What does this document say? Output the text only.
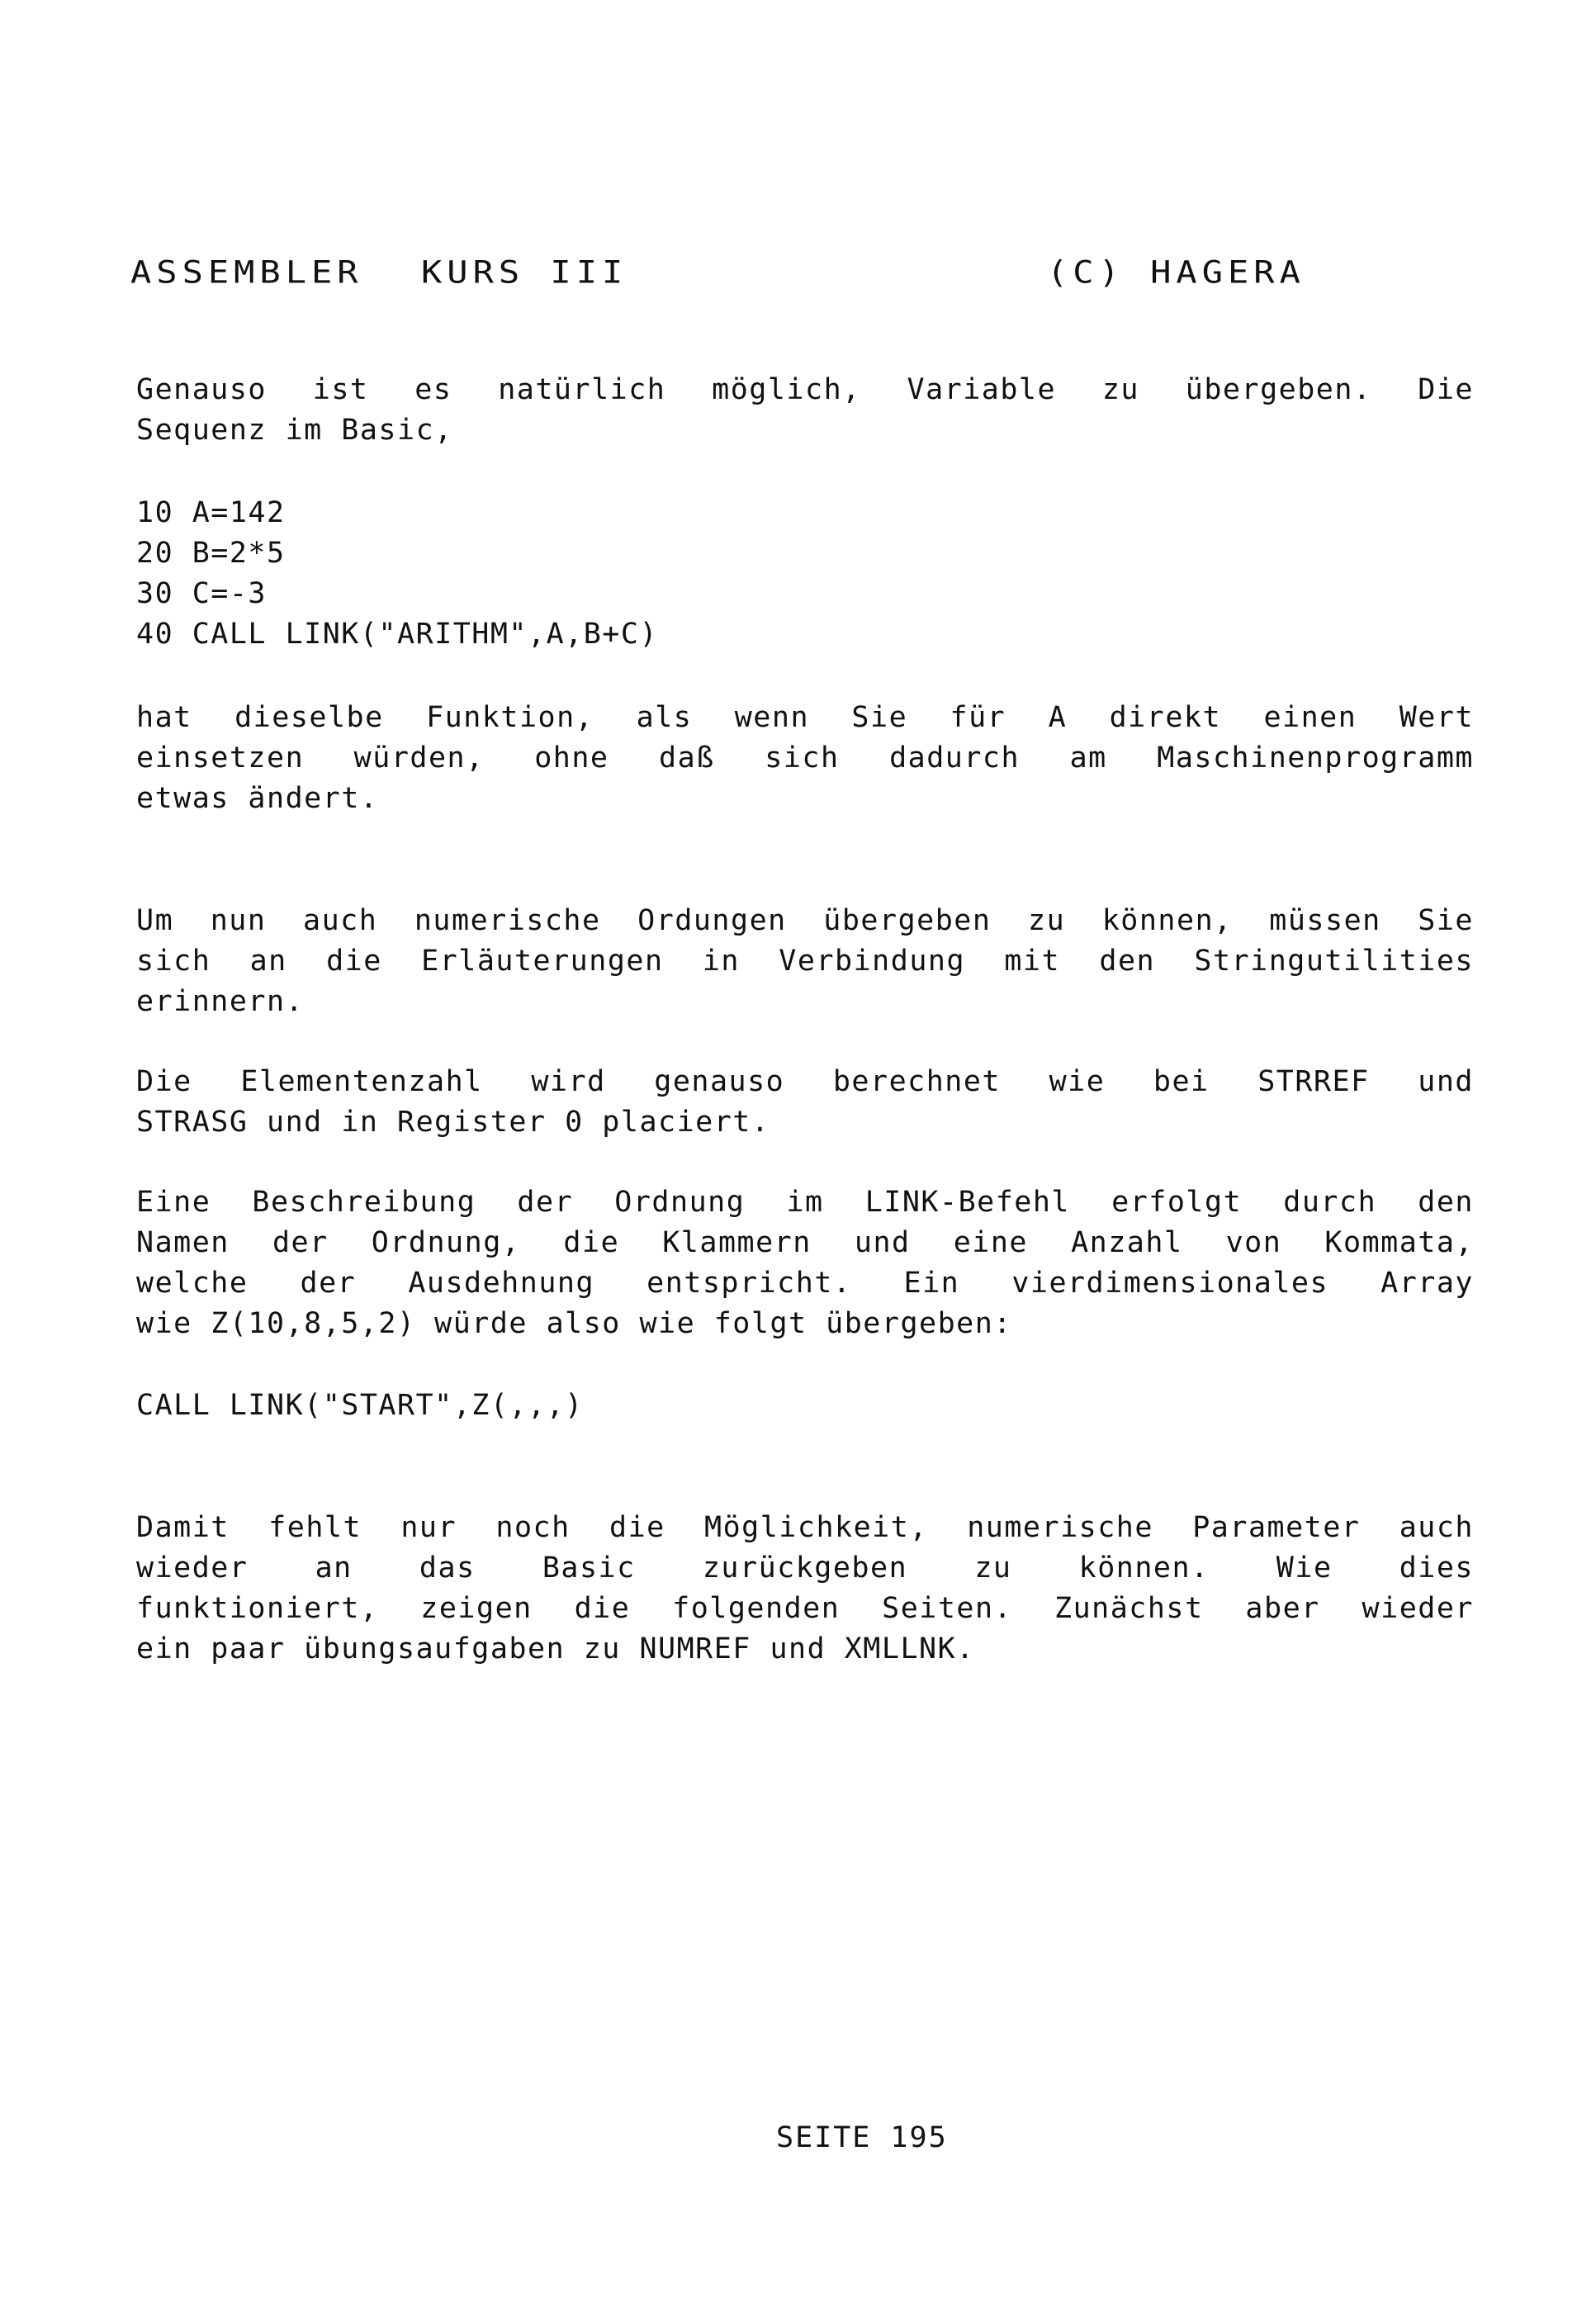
ASSEMBLER

KURS III

	(C) HAGERA

Genauso ist es natürlich möglich, Variable zu übergeben. Die
Sequenz im Basic,
10 A=142
20 B=2*5
30 C=-3
40 CALL LINK("ARITHM",A,B+C)
hat dieselbe Funktion, als wenn Sie für A direkt einen Wert
einsetzen würden, ohne daß sich dadurch am Maschinenprogramm
etwas ändert.
Um nun auch numerische Ordungen übergeben zu können, müssen Sie
sich an die Erläuterungen in Verbindung mit den Stringutilities
erinnern.
Die Elementenzahl wird genauso berechnet wie bei STRREF und
STRASG und in Register 0 placiert.
Eine Beschreibung der Ordnung im LINK-Befehl erfolgt durch den
Namen der Ordnung, die Klammern und eine Anzahl von Kommata,
welche der Ausdehnung entspricht. Ein vierdimensionales Array
wie Z(10,8,5,2) würde also wie folgt übergeben:
CALL LINK("START",Z(,,,)
Damit fehlt nur noch die Möglichkeit, numerische Parameter auch
wieder an das Basic zurückgeben zu können. Wie dies
funktioniert, zeigen die folgenden Seiten. Zunächst aber wieder
ein paar übungsaufgaben zu NUMREF und XMLLNK.
SEITE 195
